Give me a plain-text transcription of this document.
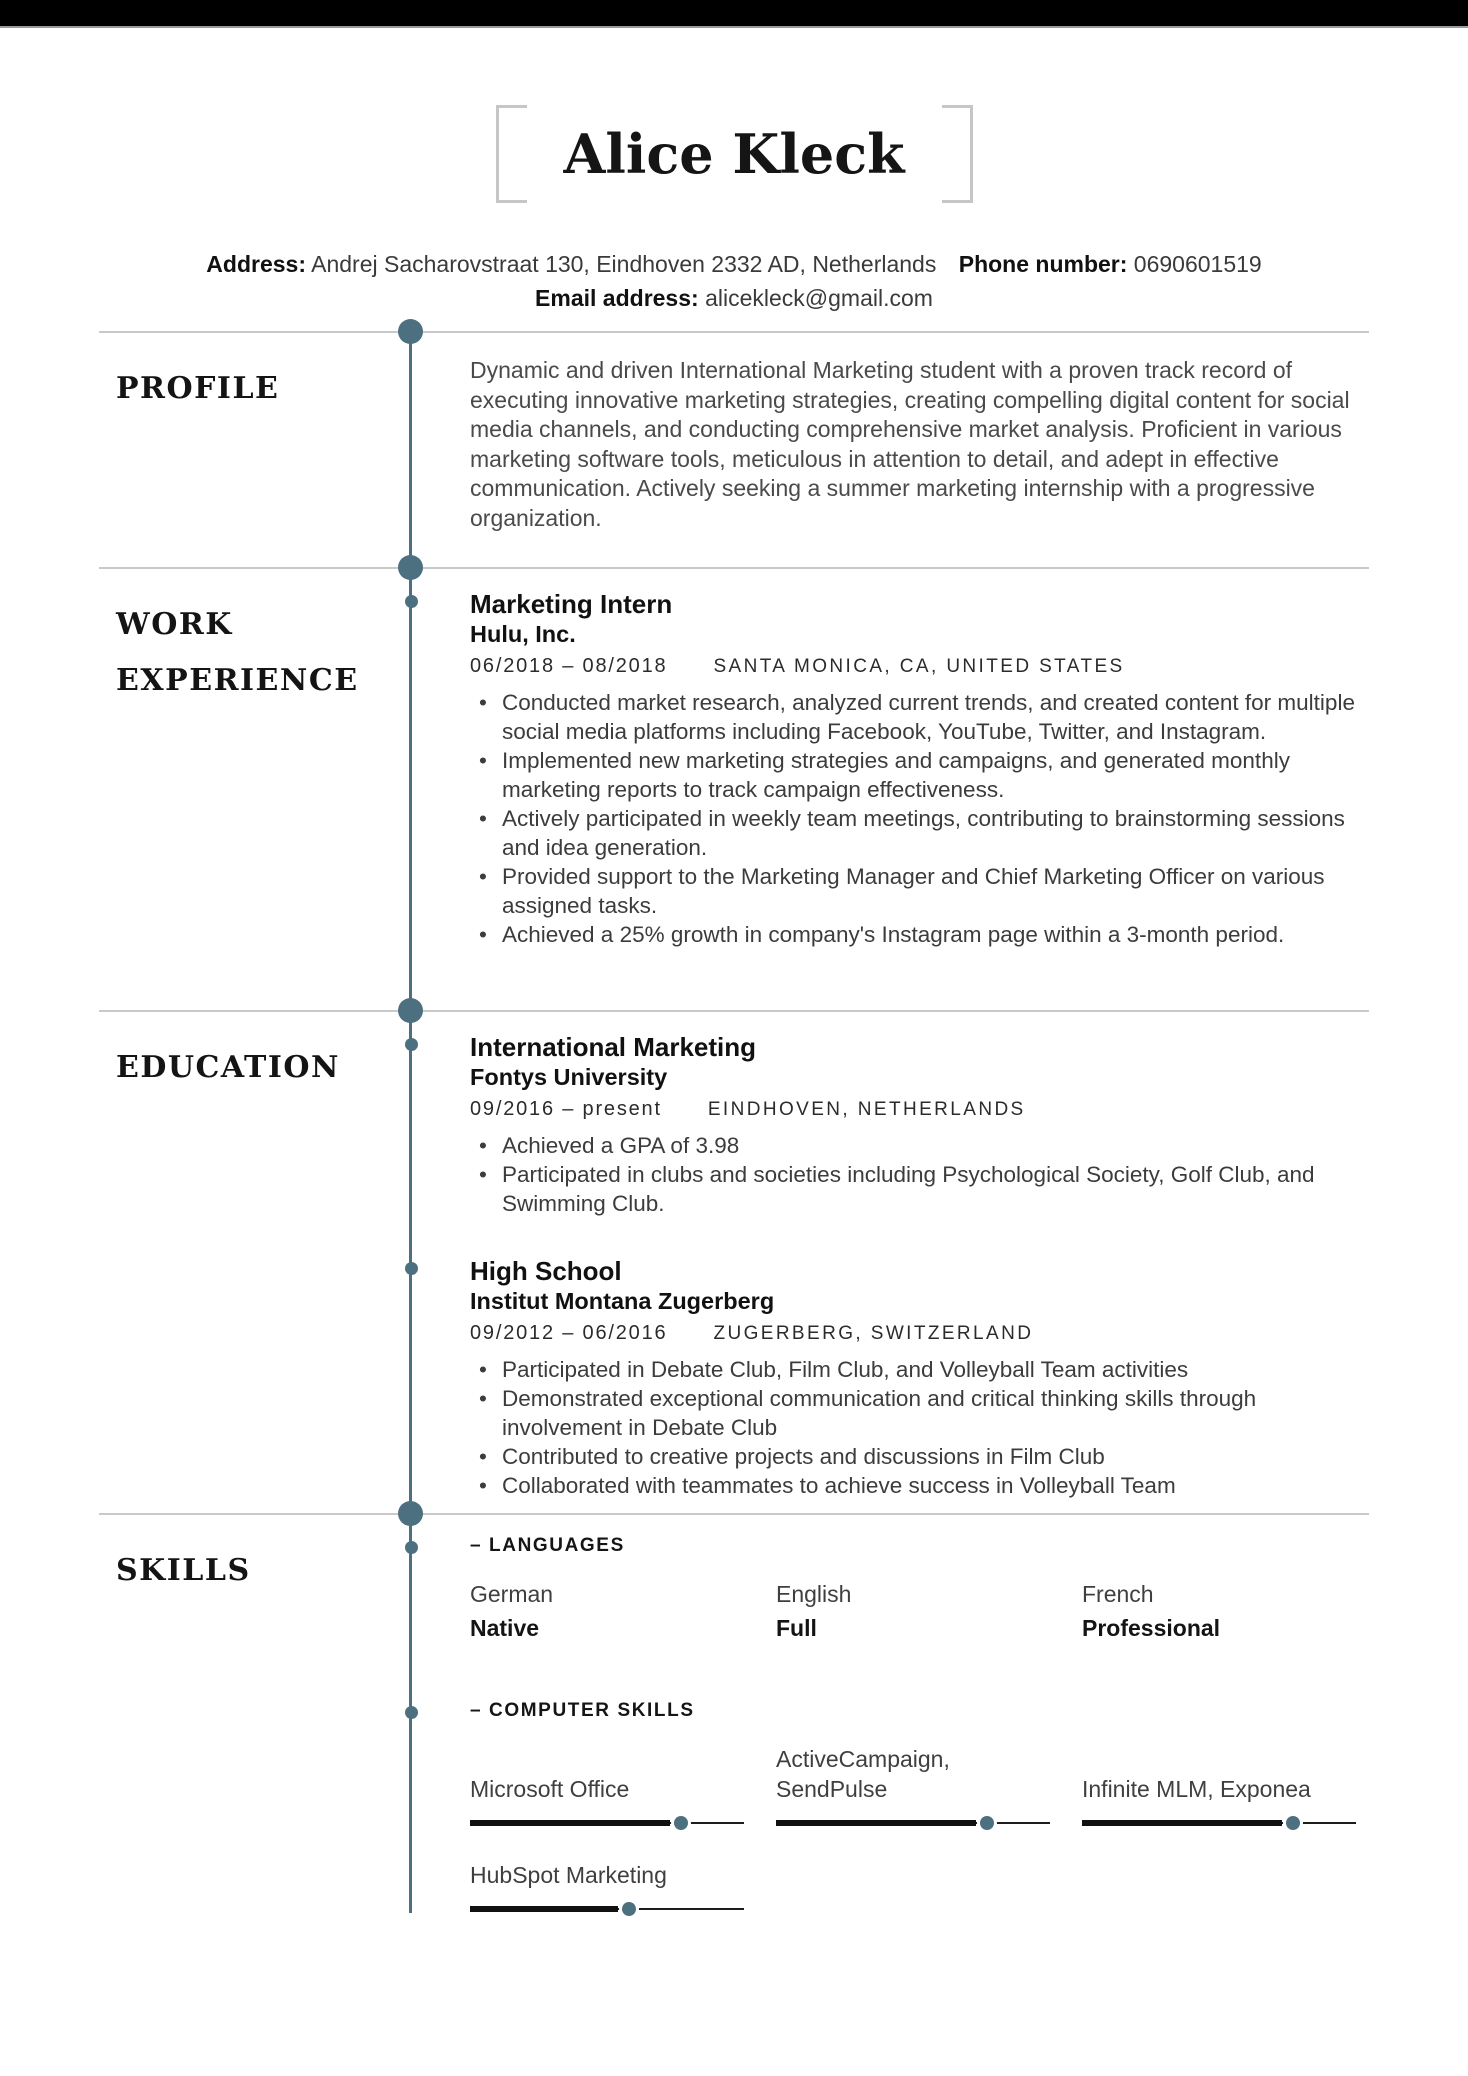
Alice Kleck
Address: Andrej Sacharovstraat 130, Eindhoven 2332 AD, Netherlands Phone number: 0690601519
Email address: alicekleck@gmail.com
PROFILE

Dynamic and driven International Marketing student with a proven track record of executing innovative marketing strategies, creating compelling digital content for social media channels, and conducting comprehensive market analysis. Proficient in various marketing software tools, meticulous in attention to detail, and adept in effective communication. Actively seeking a summer marketing internship with a progressive organization.

WORK EXPERIENCE
Marketing Intern
Hulu, Inc.
06/2018 – 08/2018 SANTA MONICA, CA, UNITED STATES
• Conducted market research, analyzed current trends, and created content for multiple social media platforms including Facebook, YouTube, Twitter, and Instagram.
• Implemented new marketing strategies and campaigns, and generated monthly marketing reports to track campaign effectiveness.
• Actively participated in weekly team meetings, contributing to brainstorming sessions and idea generation.
• Provided support to the Marketing Manager and Chief Marketing Officer on various assigned tasks.
• Achieved a 25% growth in company's Instagram page within a 3-month period.
EDUCATION
International Marketing
Fontys University
09/2016 – present EINDHOVEN, NETHERLANDS
• Achieved a GPA of 3.98
• Participated in clubs and societies including Psychological Society, Golf Club, and Swimming Club.
High School
Institut Montana Zugerberg
09/2012 – 06/2016 ZUGERBERG, SWITZERLAND
• Participated in Debate Club, Film Club, and Volleyball Team activities
• Demonstrated exceptional communication and critical thinking skills through involvement in Debate Club
• Contributed to creative projects and discussions in Film Club
• Collaborated with teammates to achieve success in Volleyball Team
SKILLS
– LANGUAGES
German
Native
English
Full
French
Professional
– COMPUTER SKILLS
Microsoft Office
ActiveCampaign,
SendPulse	Infinite MLM, Exponea
HubSpot Marketing
